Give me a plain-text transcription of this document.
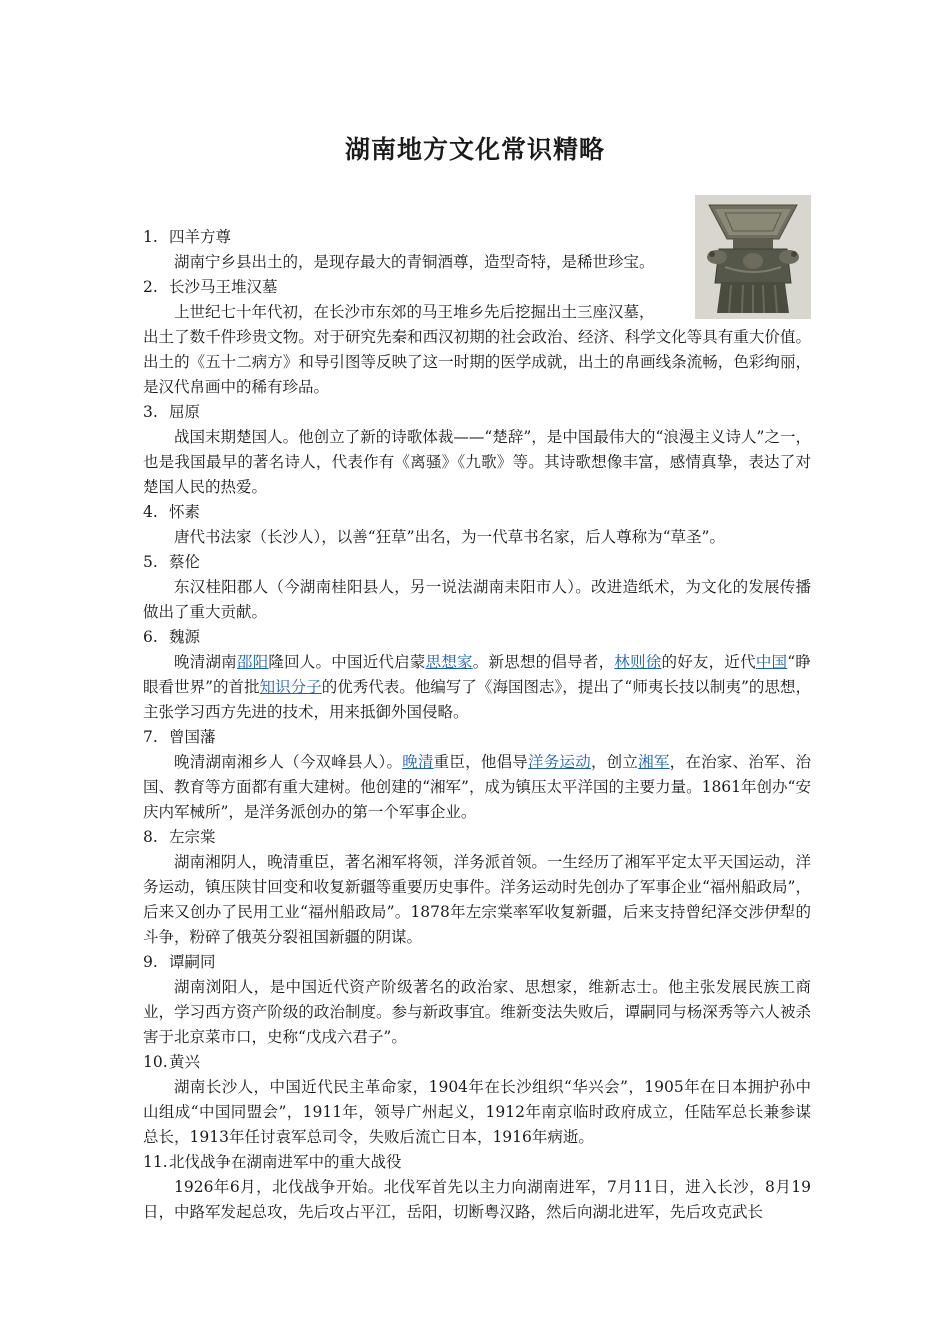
湖南地方文化常识精略

1. 四羊方尊

湖南宁乡县出土的，是现存最大的青铜酒尊，造型奇特，是稀世珍宝。

2. 长沙马王堆汉墓

上世纪七十年代初，在长沙市东郊的马王堆乡先后挖掘出土三座汉墓，

出土了数千件珍贵文物。对于研究先秦和西汉初期的社会政治、经济、科学文化等具有重大价值。出土的《五十二病方》和导引图等反映了这一时期的医学成就，出土的帛画线条流畅，色彩绚丽，是汉代帛画中的稀有珍品。

3. 屈原

战国末期楚国人。他创立了新的诗歌体裁——“楚辞”，是中国最伟大的“浪漫主义诗人”之一，也是我国最早的著名诗人，代表作有《离骚》《九歌》等。其诗歌想像丰富，感情真挚，表达了对楚国人民的热爱。

4. 怀素

唐代书法家（长沙人），以善“狂草”出名，为一代草书名家，后人尊称为“草圣”。

5. 蔡伦

东汉桂阳郡人（今湖南桂阳县人，另一说法湖南耒阳市人）。改进造纸术，为文化的发展传播做出了重大贡献。

6. 魏源

晚清湖南邵阳隆回人。中国近代启蒙思想家。新思想的倡导者，林则徐的好友，近代中国“睁眼看世界”的首批知识分子的优秀代表。他编写了《海国图志》，提出了“师夷长技以制夷”的思想，主张学习西方先进的技术，用来抵御外国侵略。

7. 曾国藩

晚清湖南湘乡人（今双峰县人）。晚清重臣，他倡导洋务运动，创立湘军，在治家、治军、治国、教育等方面都有重大建树。他创建的“湘军”，成为镇压太平洋国的主要力量。1861年创办“安庆内军械所”，是洋务派创办的第一个军事企业。

8. 左宗棠

湖南湘阴人，晚清重臣，著名湘军将领，洋务派首领。一生经历了湘军平定太平天国运动，洋务运动，镇压陕甘回变和收复新疆等重要历史事件。洋务运动时先创办了军事企业“福州船政局”，后来又创办了民用工业“福州船政局”。1878年左宗棠率军收复新疆，后来支持曾纪泽交涉伊犁的斗争，粉碎了俄英分裂祖国新疆的阴谋。

9. 谭嗣同

湖南浏阳人，是中国近代资产阶级著名的政治家、思想家，维新志士。他主张发展民族工商业，学习西方资产阶级的政治制度。参与新政事宜。维新变法失败后，谭嗣同与杨深秀等六人被杀害于北京菜市口，史称“戊戌六君子”。

10.黄兴

湖南长沙人，中国近代民主革命家，1904年在长沙组织“华兴会”，1905年在日本拥护孙中山组成“中国同盟会”，1911年，领导广州起义，1912年南京临时政府成立，任陆军总长兼参谋总长，1913年任讨袁军总司令，失败后流亡日本，1916年病逝。

11.北伐战争在湖南进军中的重大战役

1926年6月，北伐战争开始。北伐军首先以主力向湖南进军，7月11日，进入长沙，8月19日，中路军发起总攻，先后攻占平江，岳阳，切断粤汉路，然后向湖北进军，先后攻克武长
